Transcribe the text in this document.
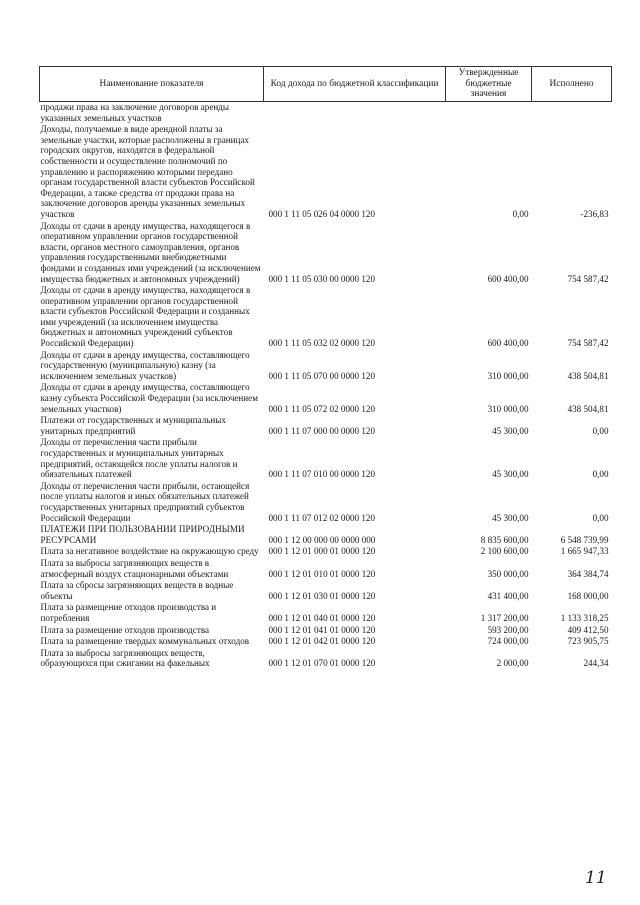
Наименование показателя	Код дохода по бюджетной классификации	Утвержденные бюджетные значения	Исполнено
продажи права на заключение договоров аренды указанных земельных участков			
Доходы, получаемые в виде арендной платы за земельные участки, которые расположены в границах городских округов, находятся в федеральной собственности и осуществление полномочий по управлению и распоряжению которыми передано органам государственной власти субъектов Российской Федерации, а также средства от продажи права на заключение договоров аренды указанных земельных участков	000 1 11 05 026 04 0000 120	0,00	-236,83
Доходы от сдачи в аренду имущества, находящегося в оперативном управлении органов государственной власти, органов местного самоуправления, органов управления государственными внебюджетными фондами и созданных ими учреждений (за исключением имущества бюджетных и автономных учреждений)	000 1 11 05 030 00 0000 120	600 400,00	754 587,42
Доходы от сдачи в аренду имущества, находящегося в оперативном управлении органов государственной власти субъектов Российской Федерации и созданных ими учреждений (за исключением имущества бюджетных и автономных учреждений субъектов Российской Федерации)	000 1 11 05 032 02 0000 120	600 400,00	754 587,42
Доходы от сдачи в аренду имущества, составляющего государственную (муниципальную) казну (за исключением земельных участков)	000 1 11 05 070 00 0000 120	310 000,00	438 504,81
Доходы от сдачи в аренду имущества, составляющего казну субъекта Российской Федерации (за исключением земельных участков)	000 1 11 05 072 02 0000 120	310 000,00	438 504,81
Платежи от государственных и муниципальных унитарных предприятий	000 1 11 07 000 00 0000 120	45 300,00	0,00
Доходы от перечисления части прибыли государственных и муниципальных унитарных предприятий, остающейся после уплаты налогов и обязательных платежей	000 1 11 07 010 00 0000 120	45 300,00	0,00
Доходы от перечисления части прибыли, остающейся после уплаты налогов и иных обязательных платежей государственных унитарных предприятий субъектов Российской Федерации	000 1 11 07 012 02 0000 120	45 300,00	0,00
ПЛАТЕЖИ ПРИ ПОЛЬЗОВАНИИ ПРИРОДНЫМИ РЕСУРСАМИ	000 1 12 00 000 00 0000 000	8 835 600,00	6 548 739,99
Плата за негативное воздействие на окружающую среду	000 1 12 01 000 01 0000 120	2 100 600,00	1 665 947,33
Плата за выбросы загрязняющих веществ в атмосферный воздух стационарными объектами	000 1 12 01 010 01 0000 120	350 000,00	364 384,74
Плата за сбросы загрязняющих веществ в водные объекты	000 1 12 01 030 01 0000 120	431 400,00	168 000,00
Плата за размещение отходов производства и потребления	000 1 12 01 040 01 0000 120	1 317 200,00	1 133 318,25
Плата за размещение отходов производства	000 1 12 01 041 01 0000 120	593 200,00	409 412,50
Плата за размещение твердых коммунальных отходов	000 1 12 01 042 01 0000 120	724 000,00	723 905,75
Плата за выбросы загрязняющих веществ, образующихся при сжигании на факельных	000 1 12 01 070 01 0000 120	2 000,00	244,34
11
